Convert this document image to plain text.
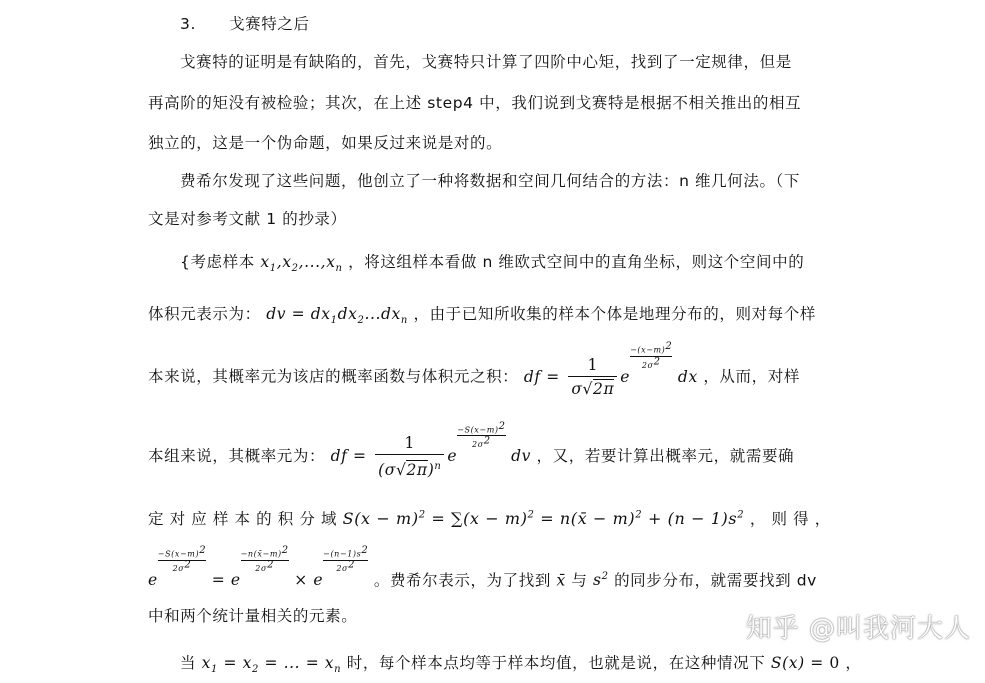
3. 戈赛特之后
戈赛特的证明是有缺陷的，首先，戈赛特只计算了四阶中心矩，找到了一定规律，但是
再高阶的矩没有被检验；其次，在上述 step4 中，我们说到戈赛特是根据不相关推出的相互
独立的，这是一个伪命题，如果反过来说是对的。
费希尔发现了这些问题，他创立了一种将数据和空间几何结合的方法：n 维几何法。（下
文是对参考文献 1 的抄录）
{考虑样本 $x_1,x_2,...,x_n$ ，将这组样本看做 n 维欧式空间中的直角坐标，则这个空间中的
体积元表示为： dv = $dx_1dx_2...dx_n$ ，由于已知所收集的样本个体是地理分布的，则对每个样
本来说，其概率元为该店的概率函数与体积元之积： df = $\frac{1}{\sigma√2\pi}$ e
$\frac{-(x-m)^2}{2\sigma^2}$ dx ，从而，对样
本组来说，其概率元为： df = $\frac{1}{(\sigma√2\pi)^n}$ e
$\frac{-S(x-m)^2}{2\sigma^2}$ dv ，又，若要计算出概率元，就需要确
定 对 应 样 本 的 积 分 域 $S(x - m)^2 = \sum(x - m)^2$ = n(x̄ − $m)^2 + (n - 1)s^2$ ， 则 得 ，
e
$\frac{-S(x-m)^2}{2\sigma^2} = e$
$\frac{-n(x̄-m)^2}{2\sigma^2} \times e$
$\frac{-(n-1)s^2}{2\sigma^2}$ 。费希尔表示，为了找到 x̄ 与 $s^2$ 的同步分布，就需要找到 dv
中和两个统计量相关的元素。
当 $x_1 = x_2$ = ... = $x_n$ 时，每个样本点均等于样本均值，也就是说，在这种情况下 S(x) = 0 ，
知乎 @叫我河大人
